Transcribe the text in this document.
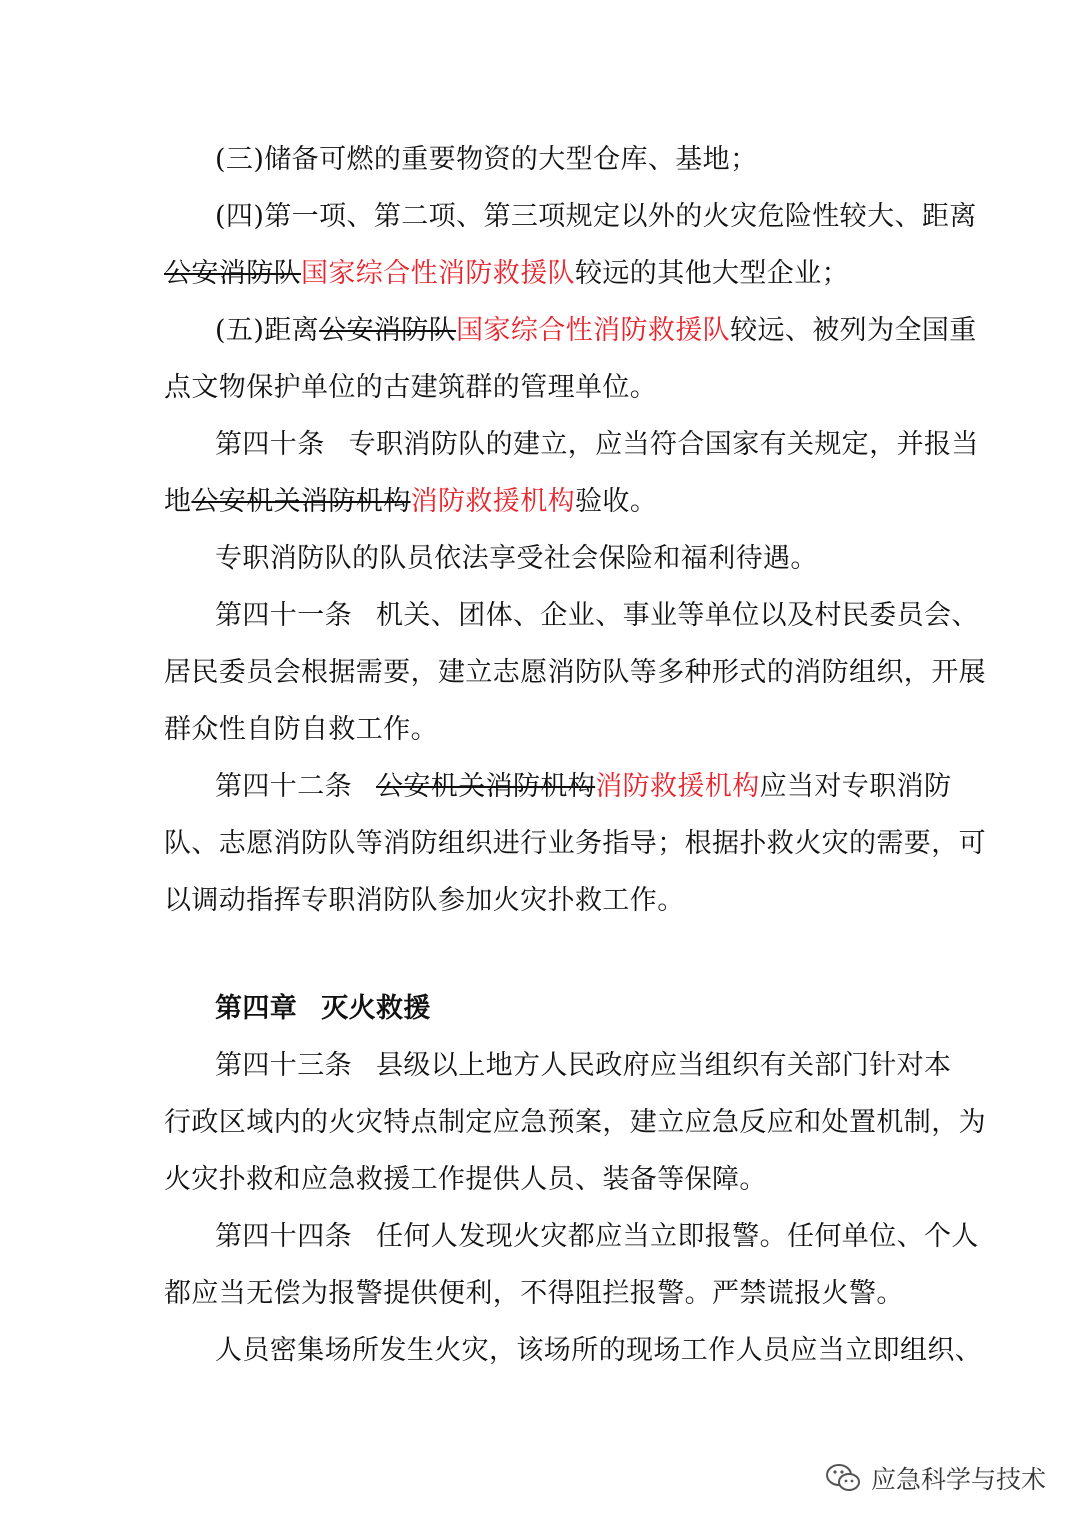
(三)储备可燃的重要物资的大型仓库、基地；
(四)第一项、第二项、第三项规定以外的火灾危险性较大、距离
公安消防队国家综合性消防救援队较远的其他大型企业；
(五)距离公安消防队国家综合性消防救援队较远、被列为全国重
点文物保护单位的古建筑群的管理单位。
第四十条 专职消防队的建立，应当符合国家有关规定，并报当
地公安机关消防机构消防救援机构验收。
专职消防队的队员依法享受社会保险和福利待遇。
第四十一条 机关、团体、企业、事业等单位以及村民委员会、
居民委员会根据需要，建立志愿消防队等多种形式的消防组织，开展
群众性自防自救工作。
第四十二条 公安机关消防机构消防救援机构应当对专职消防
队、志愿消防队等消防组织进行业务指导；根据扑救火灾的需要，可
以调动指挥专职消防队参加火灾扑救工作。
第四章 灭火救援
第四十三条 县级以上地方人民政府应当组织有关部门针对本
行政区域内的火灾特点制定应急预案，建立应急反应和处置机制，为
火灾扑救和应急救援工作提供人员、装备等保障。
第四十四条 任何人发现火灾都应当立即报警。任何单位、个人
都应当无偿为报警提供便利，不得阻拦报警。严禁谎报火警。
人员密集场所发生火灾，该场所的现场工作人员应当立即组织、
应急科学与技术
